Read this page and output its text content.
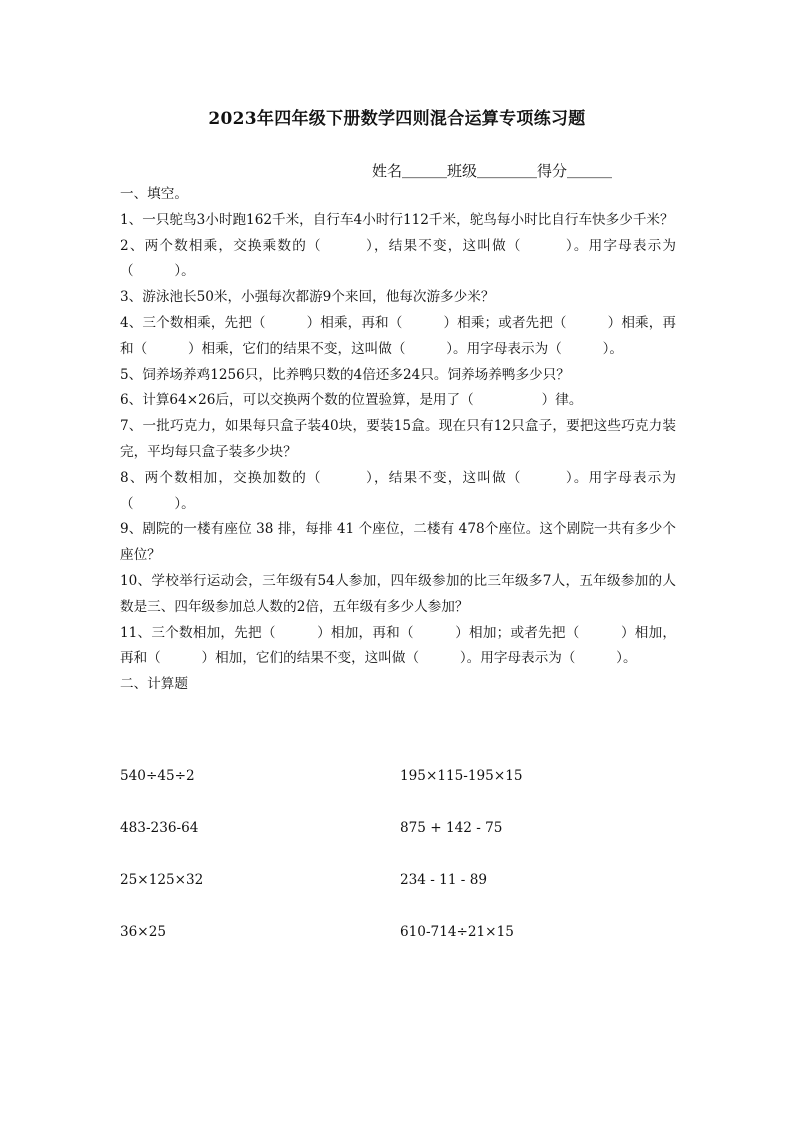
2023年四年级下册数学四则混合运算专项练习题
姓名＿＿＿班级＿＿＿＿得分＿＿＿
一、填空。
1、一只鸵鸟3小时跑162千米，自行车4小时行112千米，鸵鸟每小时比自行车快多少千米？
2、两个数相乘，交换乘数的（　　　），结果不变，这叫做（　　　）。用字母表示为（　　　）。
3、游泳池长50米，小强每次都游9个来回，他每次游多少米？
4、三个数相乘，先把（　　　）相乘，再和（　　　）相乘；或者先把（　　　）相乘，再和（　　　）相乘，它们的结果不变，这叫做（　　　）。用字母表示为（　　　）。
5、饲养场养鸡1256只，比养鸭只数的4倍还多24只。饲养场养鸭多少只？
6、计算64×26后，可以交换两个数的位置验算，是用了（　　　　　）律。
7、一批巧克力，如果每只盒子装40块，要装15盒。现在只有12只盒子，要把这些巧克力装完，平均每只盒子装多少块？
8、两个数相加，交换加数的（　　　），结果不变，这叫做（　　　）。用字母表示为（　　　）。
9、剧院的一楼有座位 38 排，每排 41 个座位，二楼有 478个座位。这个剧院一共有多少个座位？
10、学校举行运动会，三年级有54人参加，四年级参加的比三年级多7人，五年级参加的人数是三、四年级参加总人数的2倍，五年级有多少人参加？
11、三个数相加，先把（　　　）相加，再和（　　　）相加；或者先把（　　　）相加，再和（　　　）相加，它们的结果不变，这叫做（　　　）。用字母表示为（　　　）。
二、计算题
540÷45÷2	195×115-195×15
483-236-64	875 + 142 - 75
25×125×32	234 - 11 - 89
36×25	610-714÷21×15
